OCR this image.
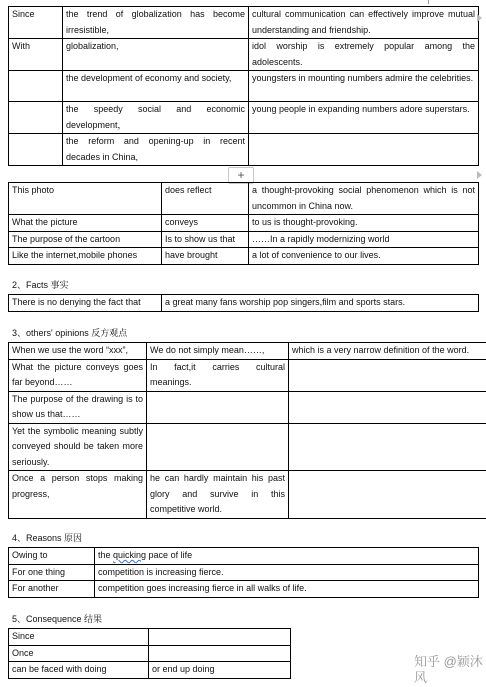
Since	the trend of globalization has become irresistible,	cultural communication can effectively improve mutual understanding and friendship.
With	globalization,	idol worship is extremely popular among the adolescents.
	the development of economy and society,	youngsters in mounting numbers admire the celebrities.
	the speedy social and economic development，	young people in expanding numbers adore superstars.
	the reform and opening-up in recent decades in China,	
+
This photo	does reflect	a thought-provoking social phenomenon which is not uncommon in China now.
What the picture	conveys	to us is thought-provoking.
The purpose of the cartoon	Is to show us that	……In a rapidly modernizing world
Like the internet,mobile phones	have brought	a lot of convenience to our lives.
2、Facts 事实
There is no denying the fact that	a great many fans worship pop singers,film and sports stars.
3、others' opinions 反方观点
When we use the word “xxx”,	We do not simply mean……,	which is a very narrow definition of the word.
What the picture conveys goes far beyond……	In fact,it carries cultural meanings.	
The purpose of the drawing is to show us that……		
Yet the symbolic meaning subtly conveyed should be taken more seriously.		
Once a person stops making progress,	he can hardly maintain his past glory and survive in this competitive world.	
4、Reasons 原因
Owing to	the quicking pace of life
For one thing	competition is increasing fierce.
For another	competition goes increasing fierce in all walks of life.
5、Consequence 结果
Since	
Once	
can be faced with doing	or end up doing	知乎 @颖沐风
